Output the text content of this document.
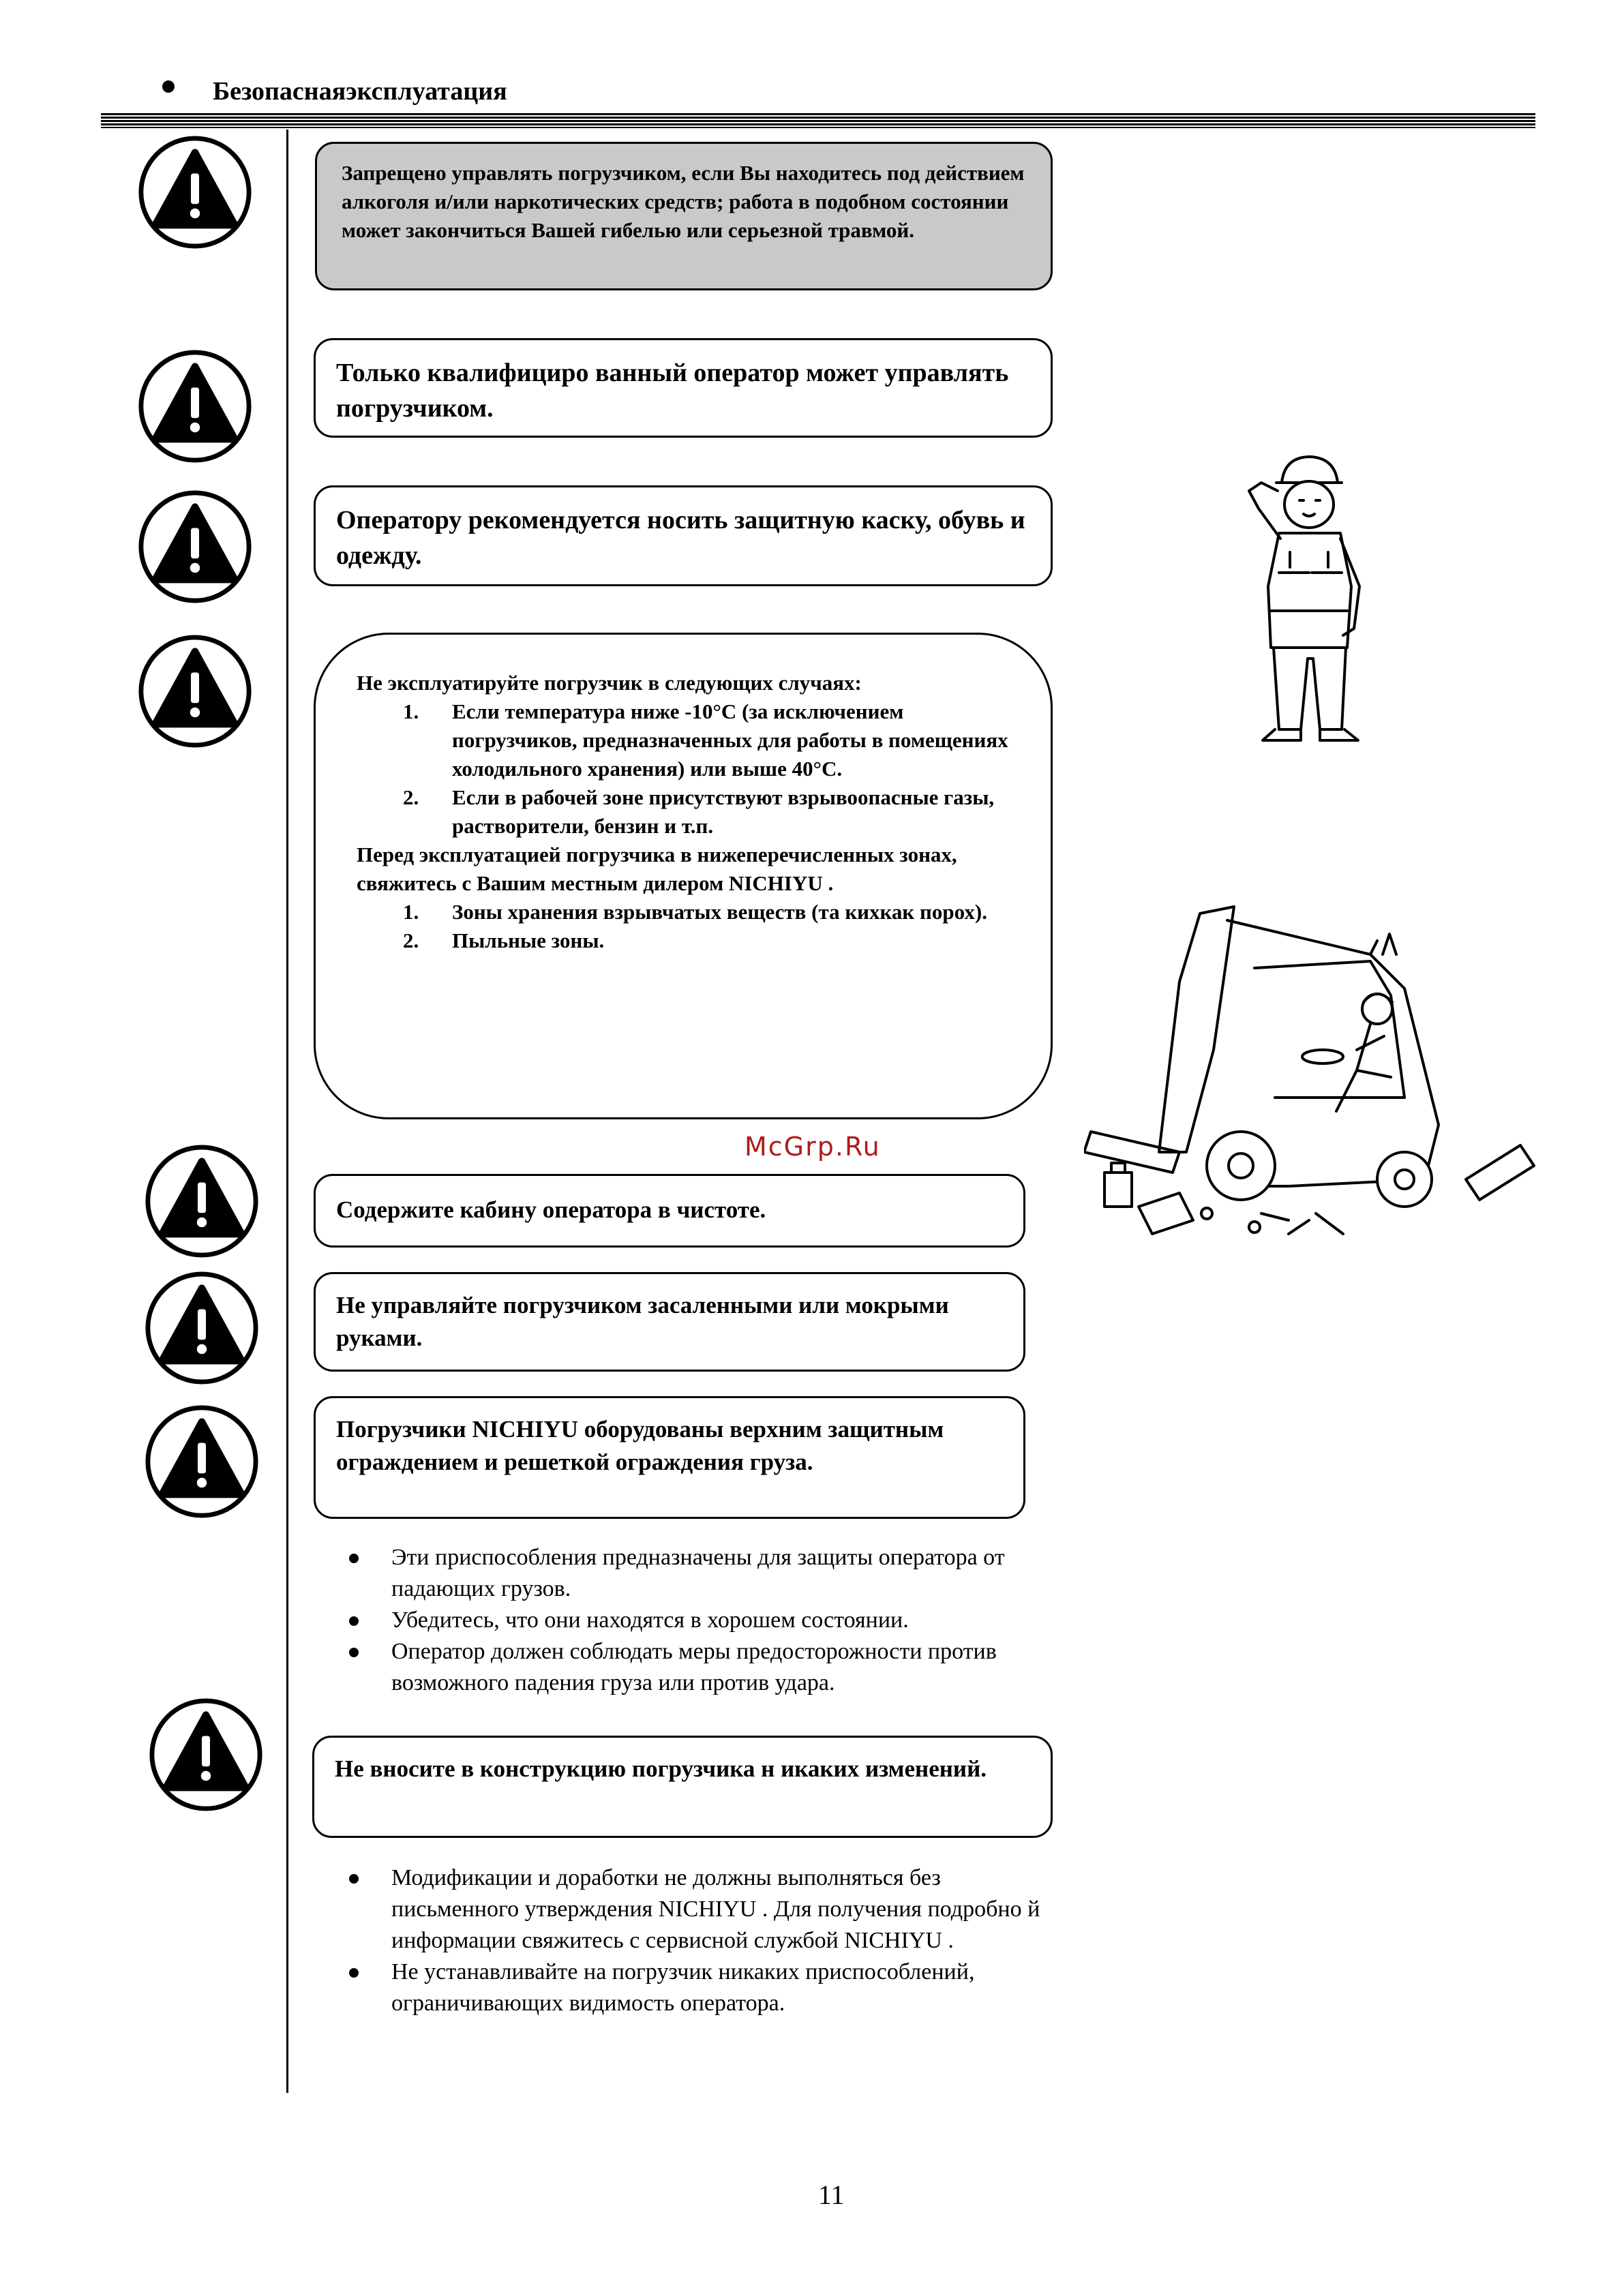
Безопаснаяэксплуатация
Запрещено управлять погрузчиком, если Вы находитесь под действием алкоголя и/или наркотических средств; работа в подобном состоянии может закончиться Вашей гибелью или серьезной травмой.
Только квалифициро ванный оператор может управлять погрузчиком.
Оператору рекомендуется носить защитную каску, обувь и одежду.
Не эксплуатируйте погрузчик в следующих случаях:
1. Если температура ниже -10°C (за исключением погрузчиков, предназначенных для работы в помещениях холодильного хранения) или выше 40°C.
2. Если в рабочей зоне присутствуют взрывоопасные газы, растворители, бензин и т.п.
Перед эксплуатацией погрузчика в нижеперечисленных зонах, свяжитесь с Вашим местным дилером NICHIYU .
1. Зоны хранения взрывчатых веществ (та кихкак порох).
2. Пыльные зоны.
Содержите кабину оператора в чистоте.
Не управляйте погрузчиком засаленными или мокрыми руками.
Погрузчики NICHIYU оборудованы верхним защитным ограждением и решеткой ограждения груза.
Эти приспособления предназначены для защиты оператора от падающих грузов.
Убедитесь, что они находятся в хорошем состоянии.
Оператор должен соблюдать меры предосторожности против возможного падения груза или против удара.
Не вносите в конструкцию погрузчика н икаких изменений.
Модификации и доработки не должны выполняться без письменного утверждения NICHIYU . Для получения подробно й информации свяжитесь с сервисной службой NICHIYU .
Не устанавливайте на погрузчик никаких приспособлений, ограничивающих видимость оператора.
McGrp.Ru
11
